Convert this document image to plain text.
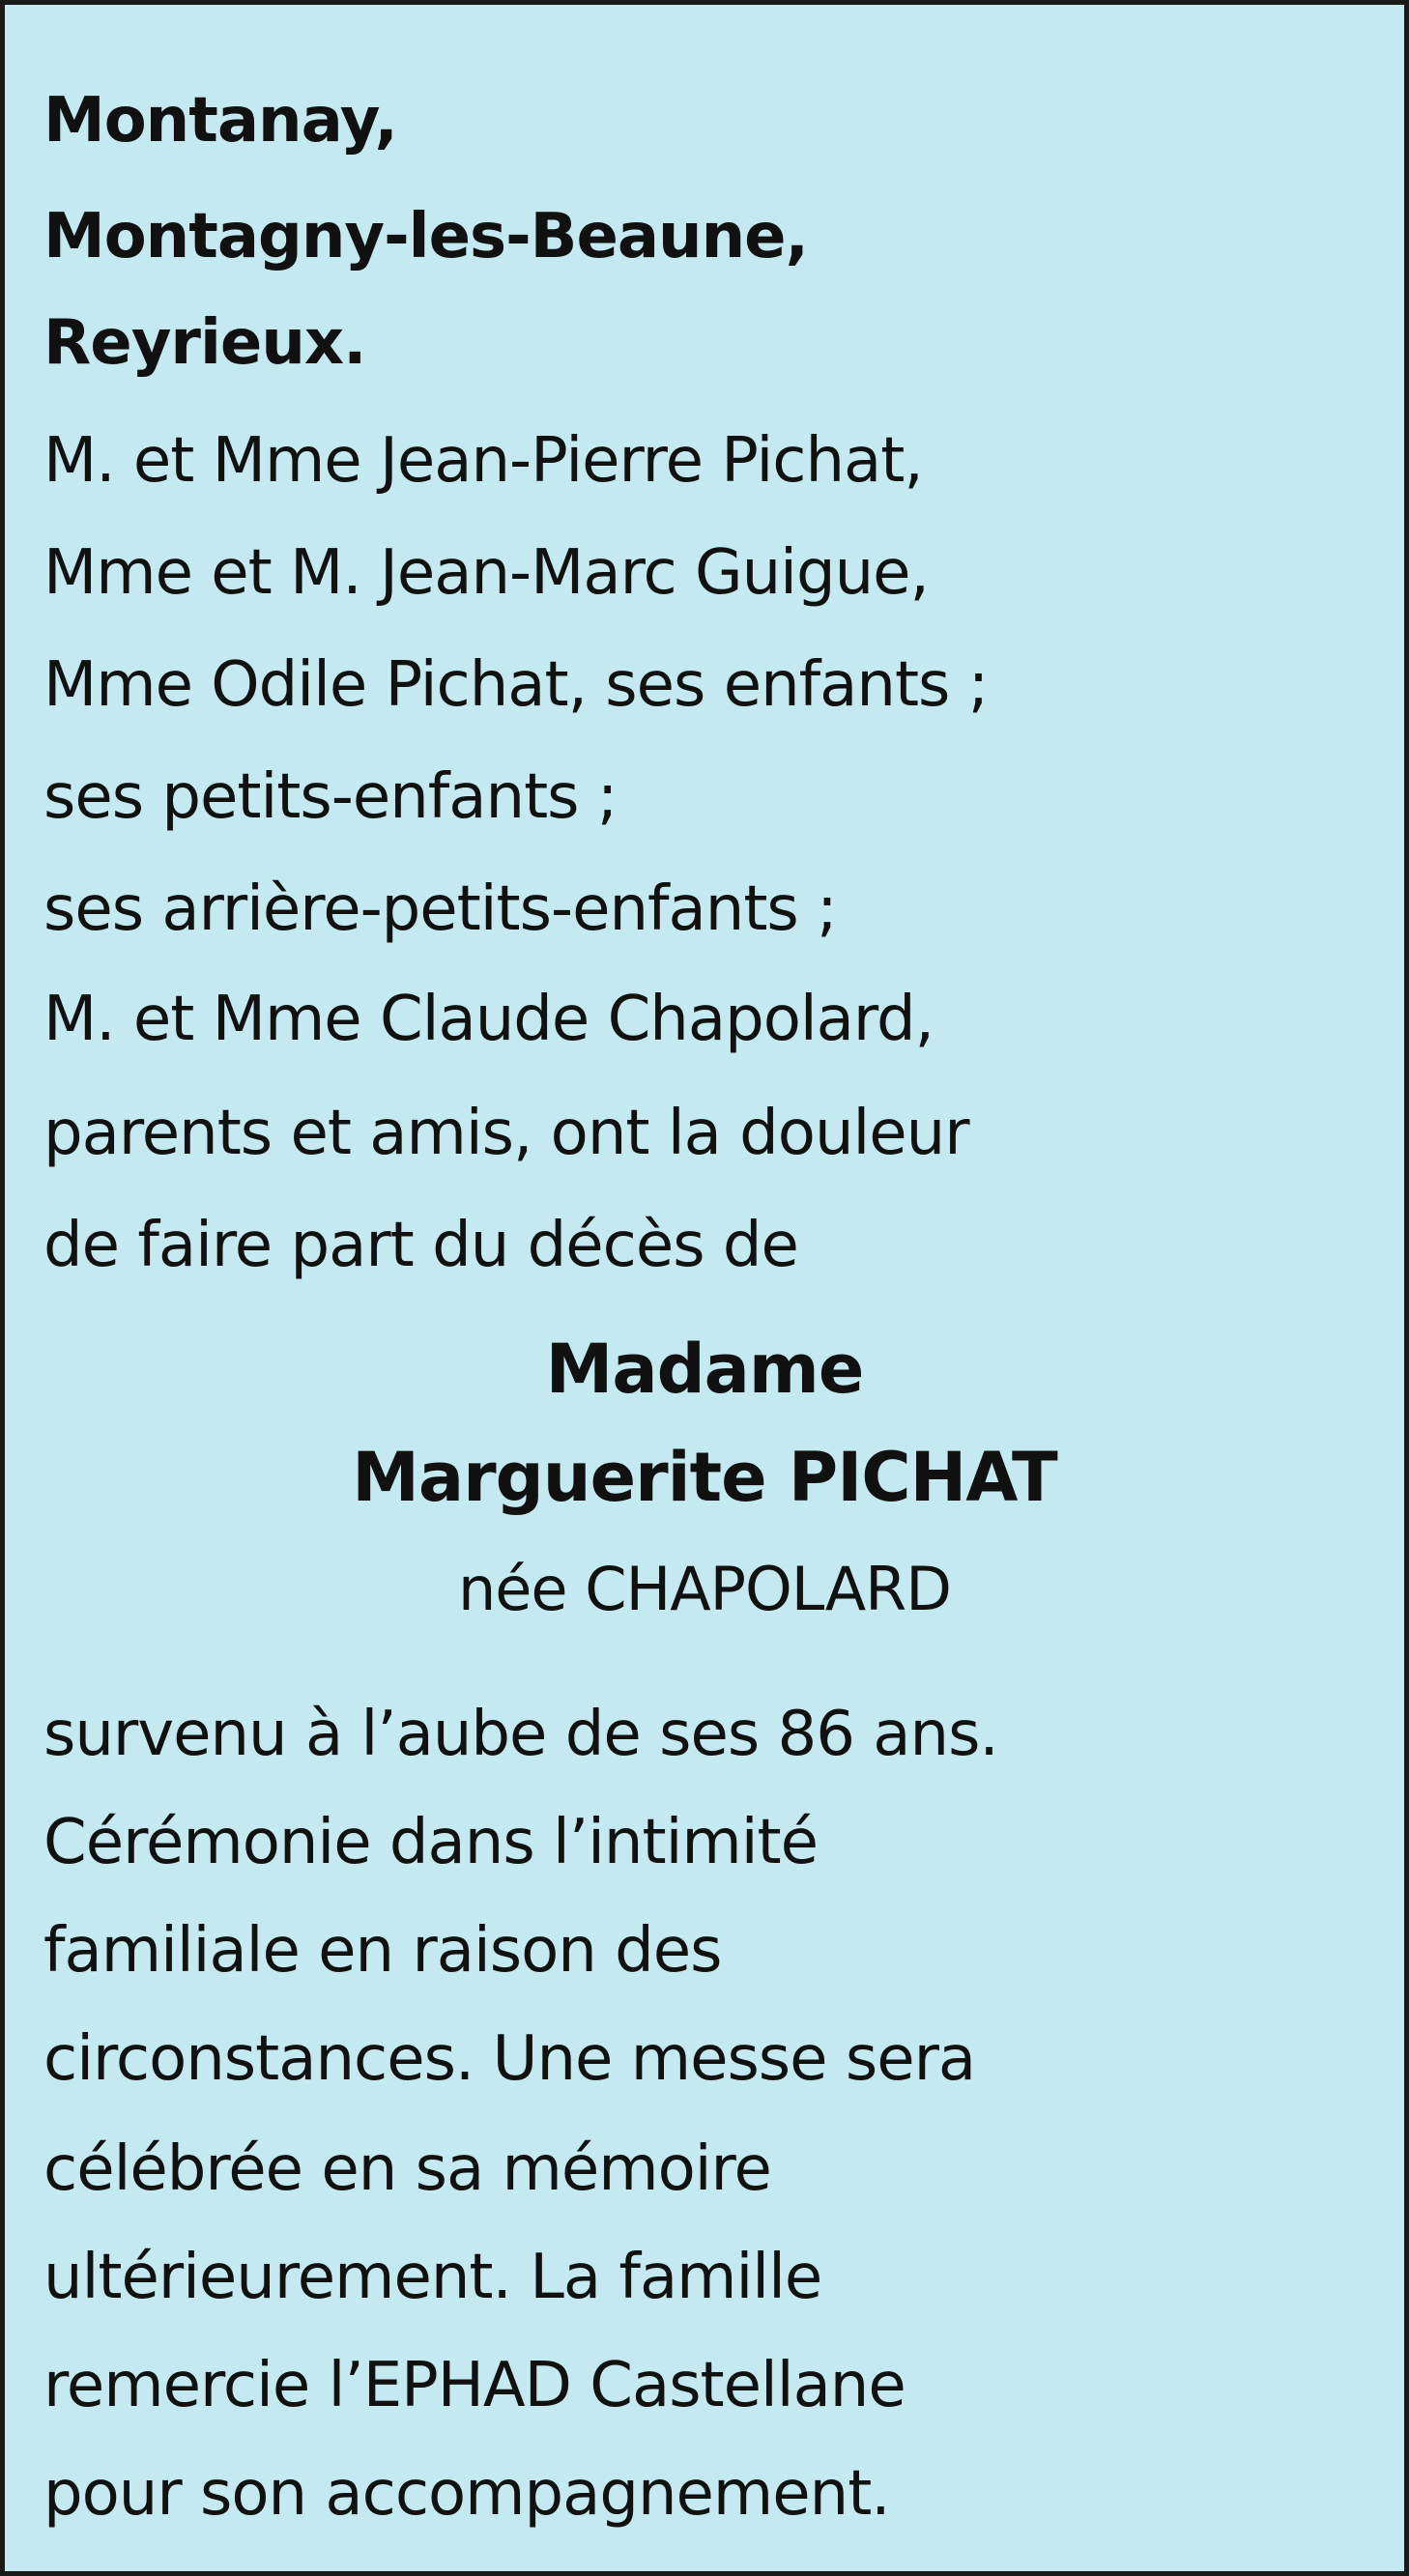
Montanay,
Montagny-les-Beaune,
Reyrieux.
M. et Mme Jean-Pierre Pichat,
Mme et M. Jean-Marc Guigue,
Mme Odile Pichat, ses enfants ;
ses petits-enfants ;
ses arrière-petits-enfants ;
M. et Mme Claude Chapolard,
parents et amis, ont la douleur
de faire part du décès de
Madame
Marguerite PICHAT
née CHAPOLARD
survenu à l’aube de ses 86 ans.
Cérémonie dans l’intimité
familiale en raison des
circonstances. Une messe sera
célébrée en sa mémoire
ultérieurement. La famille
remercie l’EPHAD Castellane
pour son accompagnement.
